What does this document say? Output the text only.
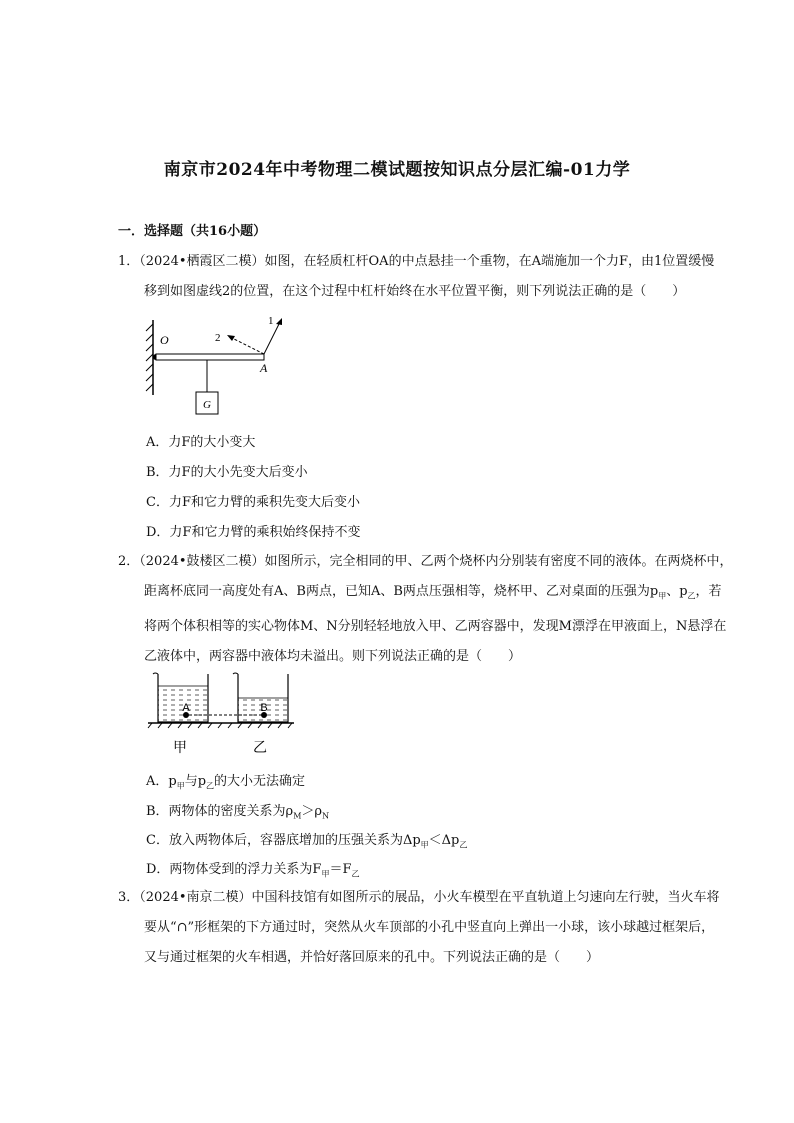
南京市2024年中考物理二模试题按知识点分层汇编-01力学
一．选择题（共16小题）
1．（2024•栖霞区二模）如图，在轻质杠杆OA的中点悬挂一个重物，在A端施加一个力F，由1位置缓慢
移到如图虚线2的位置，在这个过程中杠杆始终在水平位置平衡，则下列说法正确的是（　　）
G
O
A
1
2
A．力F的大小变大
B．力F的大小先变大后变小
C．力F和它力臂的乘积先变大后变小
D．力F和它力臂的乘积始终保持不变
2．（2024•鼓楼区二模）如图所示，完全相同的甲、乙两个烧杯内分别装有密度不同的液体。在两烧杯中，
距离杯底同一高度处有A、B两点，已知A、B两点压强相等，烧杯甲、乙对桌面的压强为$p_甲$、$p_乙$，若
将两个体积相等的实心物体M、N分别轻轻地放入甲、乙两容器中，发现M漂浮在甲液面上，N悬浮在
乙液体中，两容器中液体均未溢出。则下列说法正确的是（　　）
A	B
甲	乙
A．$p_甲$与$p_乙$的大小无法确定
B．两物体的密度关系为$\rho_M>\rho_N$
C．放入两物体后，容器底增加的压强关系为$\Delta p_甲<\Delta p_乙$
D．两物体受到的浮力关系为$F_甲=F_乙$
3．（2024•南京二模）中国科技馆有如图所示的展品，小火车模型在平直轨道上匀速向左行驶，当火车将
要从“∩”形框架的下方通过时，突然从火车顶部的小孔中竖直向上弹出一小球，该小球越过框架后，
又与通过框架的火车相遇，并恰好落回原来的孔中。下列说法正确的是（　　）
